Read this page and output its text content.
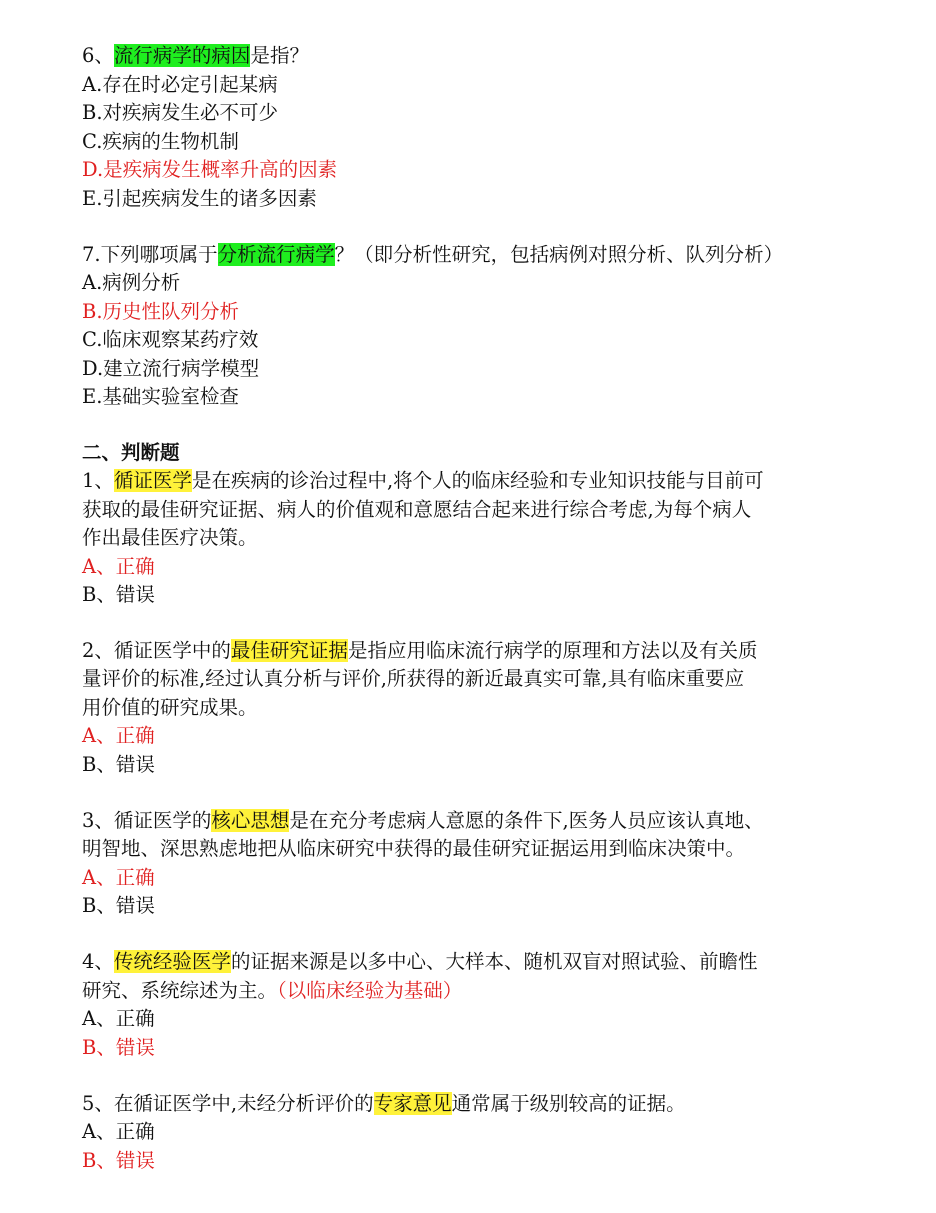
6、流行病学的病因是指？

A.存在时必定引起某病

B.对疾病发生必不可少

C.疾病的生物机制

D.是疾病发生概率升高的因素

E.引起疾病发生的诸多因素

7.下列哪项属于分析流行病学？（即分析性研究，包括病例对照分析、队列分析）

A.病例分析

B.历史性队列分析

C.临床观察某药疗效

D.建立流行病学模型

E.基础实验室检查

二、判断题

1、循证医学是在疾病的诊治过程中,将个人的临床经验和专业知识技能与目前可

获取的最佳研究证据、病人的价值观和意愿结合起来进行综合考虑,为每个病人

作出最佳医疗决策。

A、正确

B、错误

2、循证医学中的最佳研究证据是指应用临床流行病学的原理和方法以及有关质

量评价的标准,经过认真分析与评价,所获得的新近最真实可靠,具有临床重要应

用价值的研究成果。

A、正确

B、错误

3、循证医学的核心思想是在充分考虑病人意愿的条件下,医务人员应该认真地、

明智地、深思熟虑地把从临床研究中获得的最佳研究证据运用到临床决策中。

A、正确

B、错误

4、传统经验医学的证据来源是以多中心、大样本、随机双盲对照试验、前瞻性

研究、系统综述为主。（以临床经验为基础）

A、正确

B、错误

5、在循证医学中,未经分析评价的专家意见通常属于级别较高的证据。

A、正确

B、错误
